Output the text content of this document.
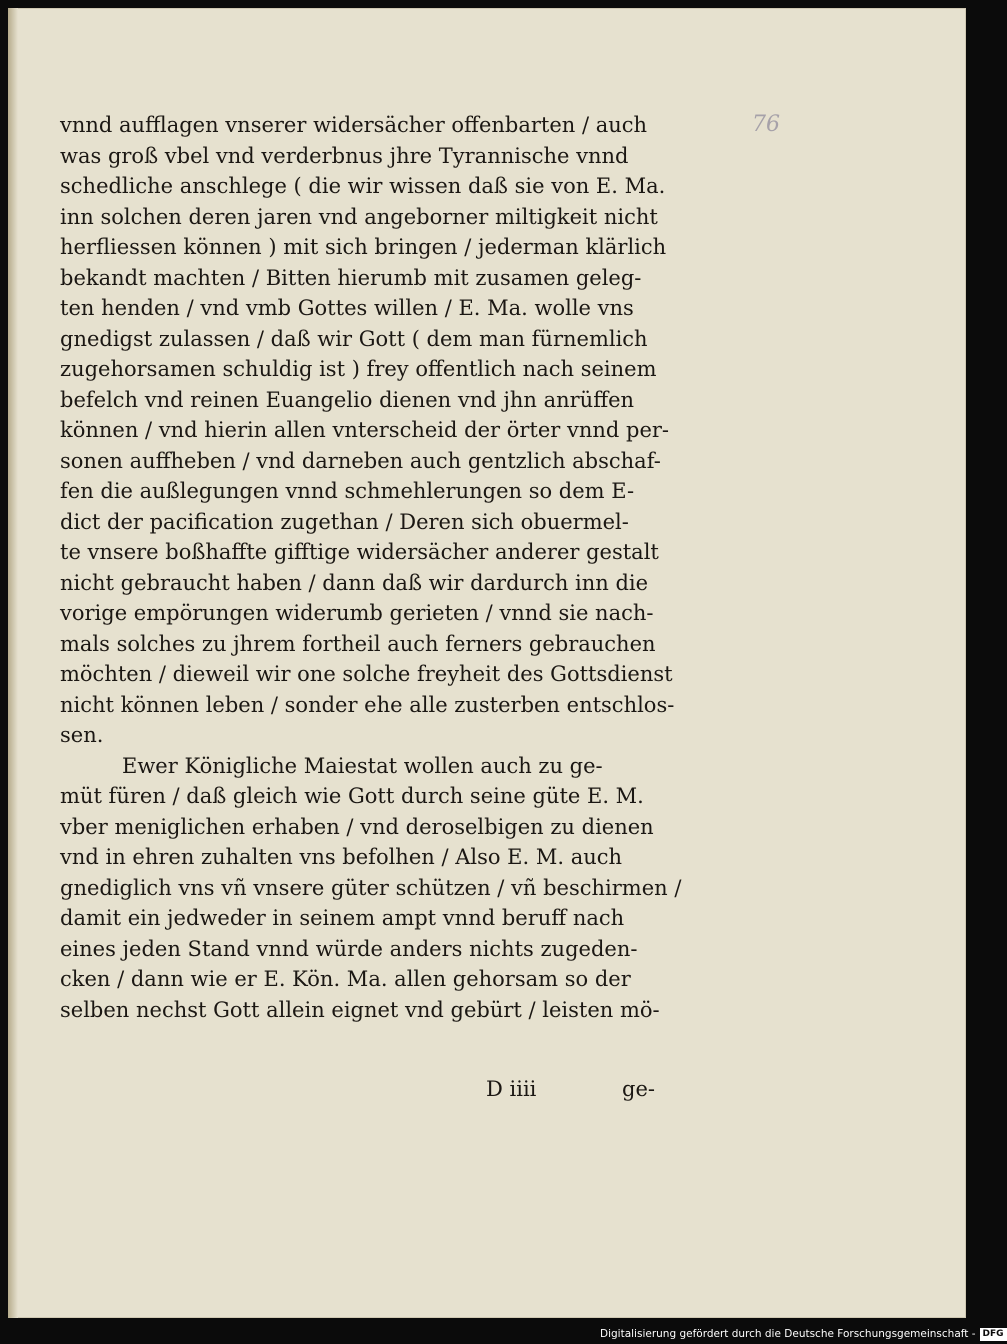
76
vnnd aufflagen vnserer widersächer offenbarten / auch
was groß vbel vnd verderbnus jhre Tyrannische vnnd
schedliche anschlege ( die wir wissen daß sie von E. Ma.
inn solchen deren jaren vnd angeborner miltigkeit nicht
herfliessen können ) mit sich bringen / jederman klärlich
bekandt machten / Bitten hierumb mit zusamen geleg-
ten henden / vnd vmb Gottes willen / E. Ma. wolle vns
gnedigst zulassen / daß wir Gott ( dem man fürnemlich
zugehorsamen schuldig ist ) frey offentlich nach seinem
befelch vnd reinen Euangelio dienen vnd jhn anrüffen
können / vnd hierin allen vnterscheid der örter vnnd per-
sonen auffheben / vnd darneben auch gentzlich abschaf-
fen die außlegungen vnnd schmehlerungen so dem E-
dict der pacification zugethan / Deren sich obuermel-
te vnsere boßhaffte gifftige widersächer anderer gestalt
nicht gebraucht haben / dann daß wir dardurch inn die
vorige empörungen widerumb gerieten / vnnd sie nach-
mals solches zu jhrem fortheil auch ferners gebrauchen
möchten / dieweil wir one solche freyheit des Gottsdienst
nicht können leben / sonder ehe alle zusterben entschlos-
sen.
Ewer Königliche Maiestat wollen auch zu ge-
müt füren / daß gleich wie Gott durch seine güte E. M.
vber meniglichen erhaben / vnd deroselbigen zu dienen
vnd in ehren zuhalten vns befolhen / Also E. M. auch
gnediglich vns vñ vnsere güter schützen / vñ beschirmen /
damit ein jedweder in seinem ampt vnnd beruff nach
eines jeden Stand vnnd würde anders nichts zugeden-
cken / dann wie er E. Kön. Ma. allen gehorsam so der
selben nechst Gott allein eignet vnd gebürt / leisten mö-
D iiii	ge-
Digitalisierung gefördert durch die Deutsche Forschungsgemeinschaft - DFG
